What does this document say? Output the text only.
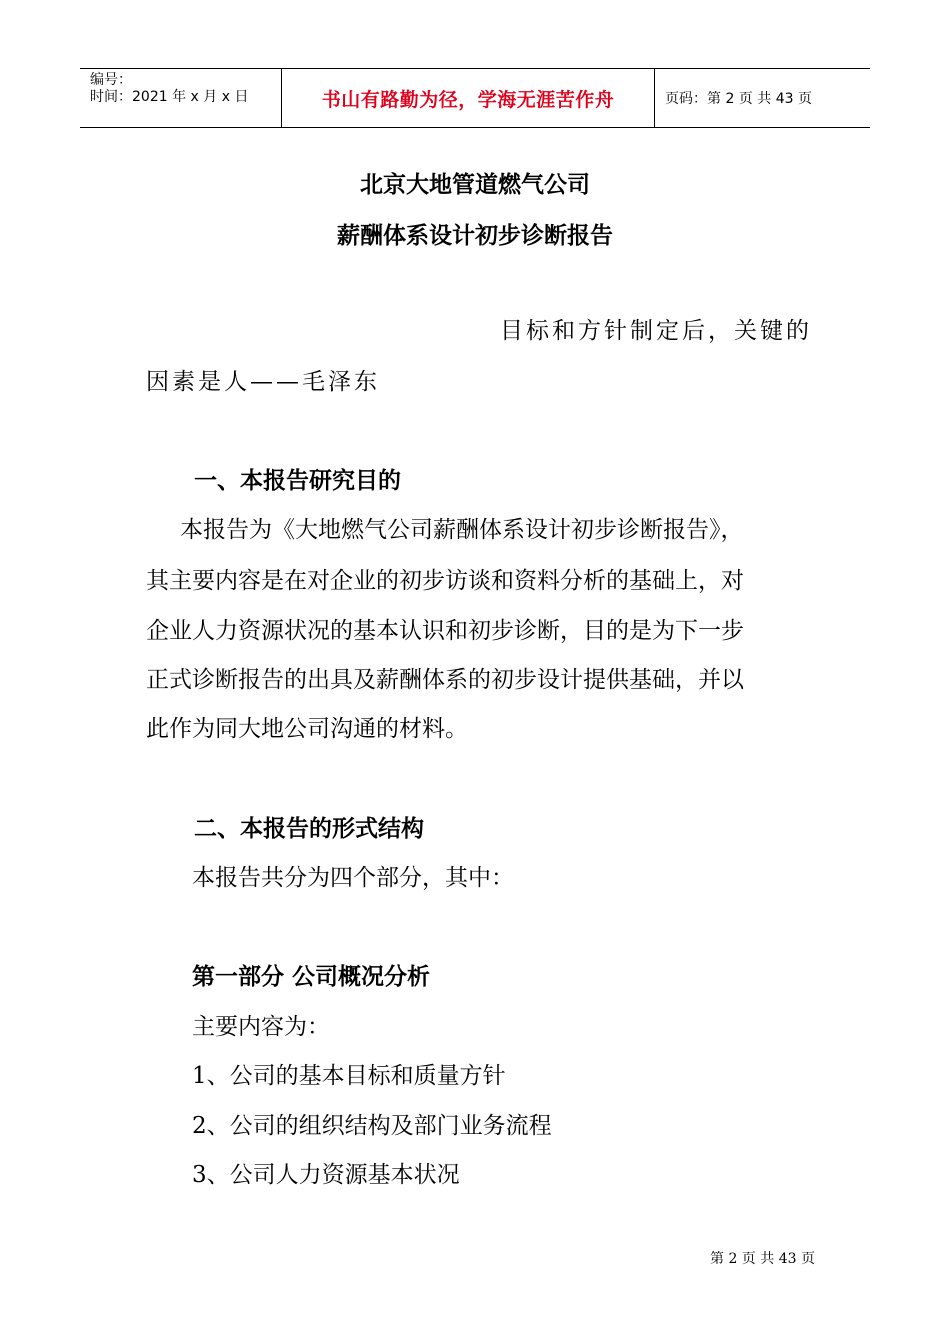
编号：
时间：2021 年 x 月 x 日	书山有路勤为径，学海无涯苦作舟	页码：第 2 页 共 43 页
北京大地管道燃气公司
薪酬体系设计初步诊断报告
目标和方针制定后，关键的
因素是人——毛泽东
一、本报告研究目的
本报告为《大地燃气公司薪酬体系设计初步诊断报告》，
其主要内容是在对企业的初步访谈和资料分析的基础上，对
企业人力资源状况的基本认识和初步诊断，目的是为下一步
正式诊断报告的出具及薪酬体系的初步设计提供基础，并以
此作为同大地公司沟通的材料。
二、本报告的形式结构
本报告共分为四个部分，其中：
第一部分 公司概况分析
主要内容为：
1、公司的基本目标和质量方针
2、公司的组织结构及部门业务流程
3、公司人力资源基本状况
第 2 页 共 43 页
